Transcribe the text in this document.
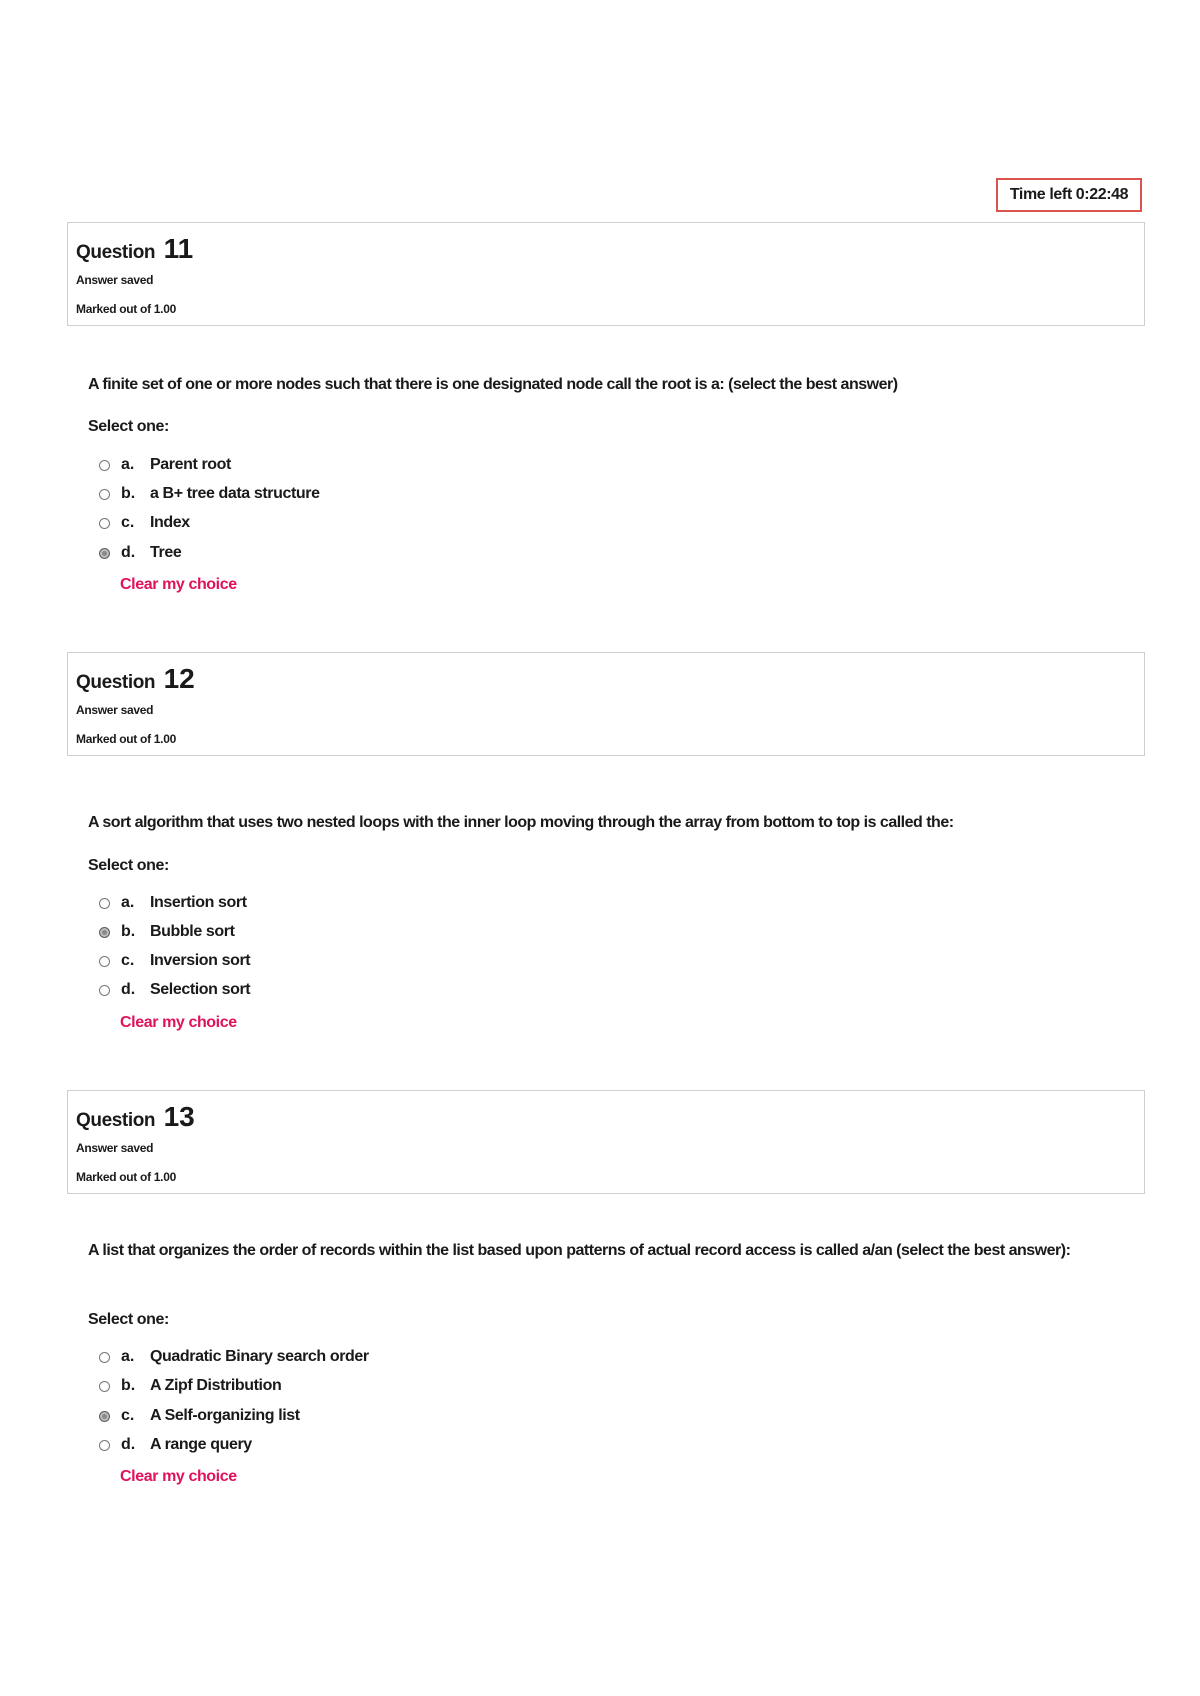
Time left 0:22:48
Question 11
Answer saved
Marked out of 1.00
A finite set of one or more nodes such that there is one designated node call the root is a: (select the best answer)
Select one:
a. Parent root
b. a B+ tree data structure
c. Index
d. Tree
Clear my choice
Question 12
Answer saved
Marked out of 1.00
A sort algorithm that uses two nested loops with the inner loop moving through the array from bottom to top is called the:
Select one:
a. Insertion sort
b. Bubble sort
c. Inversion sort
d. Selection sort
Clear my choice
Question 13
Answer saved
Marked out of 1.00
A list that organizes the order of records within the list based upon patterns of actual record access is called a/an (select the best answer):
Select one:
a. Quadratic Binary search order
b. A Zipf Distribution
c. A Self-organizing list
d. A range query
Clear my choice
